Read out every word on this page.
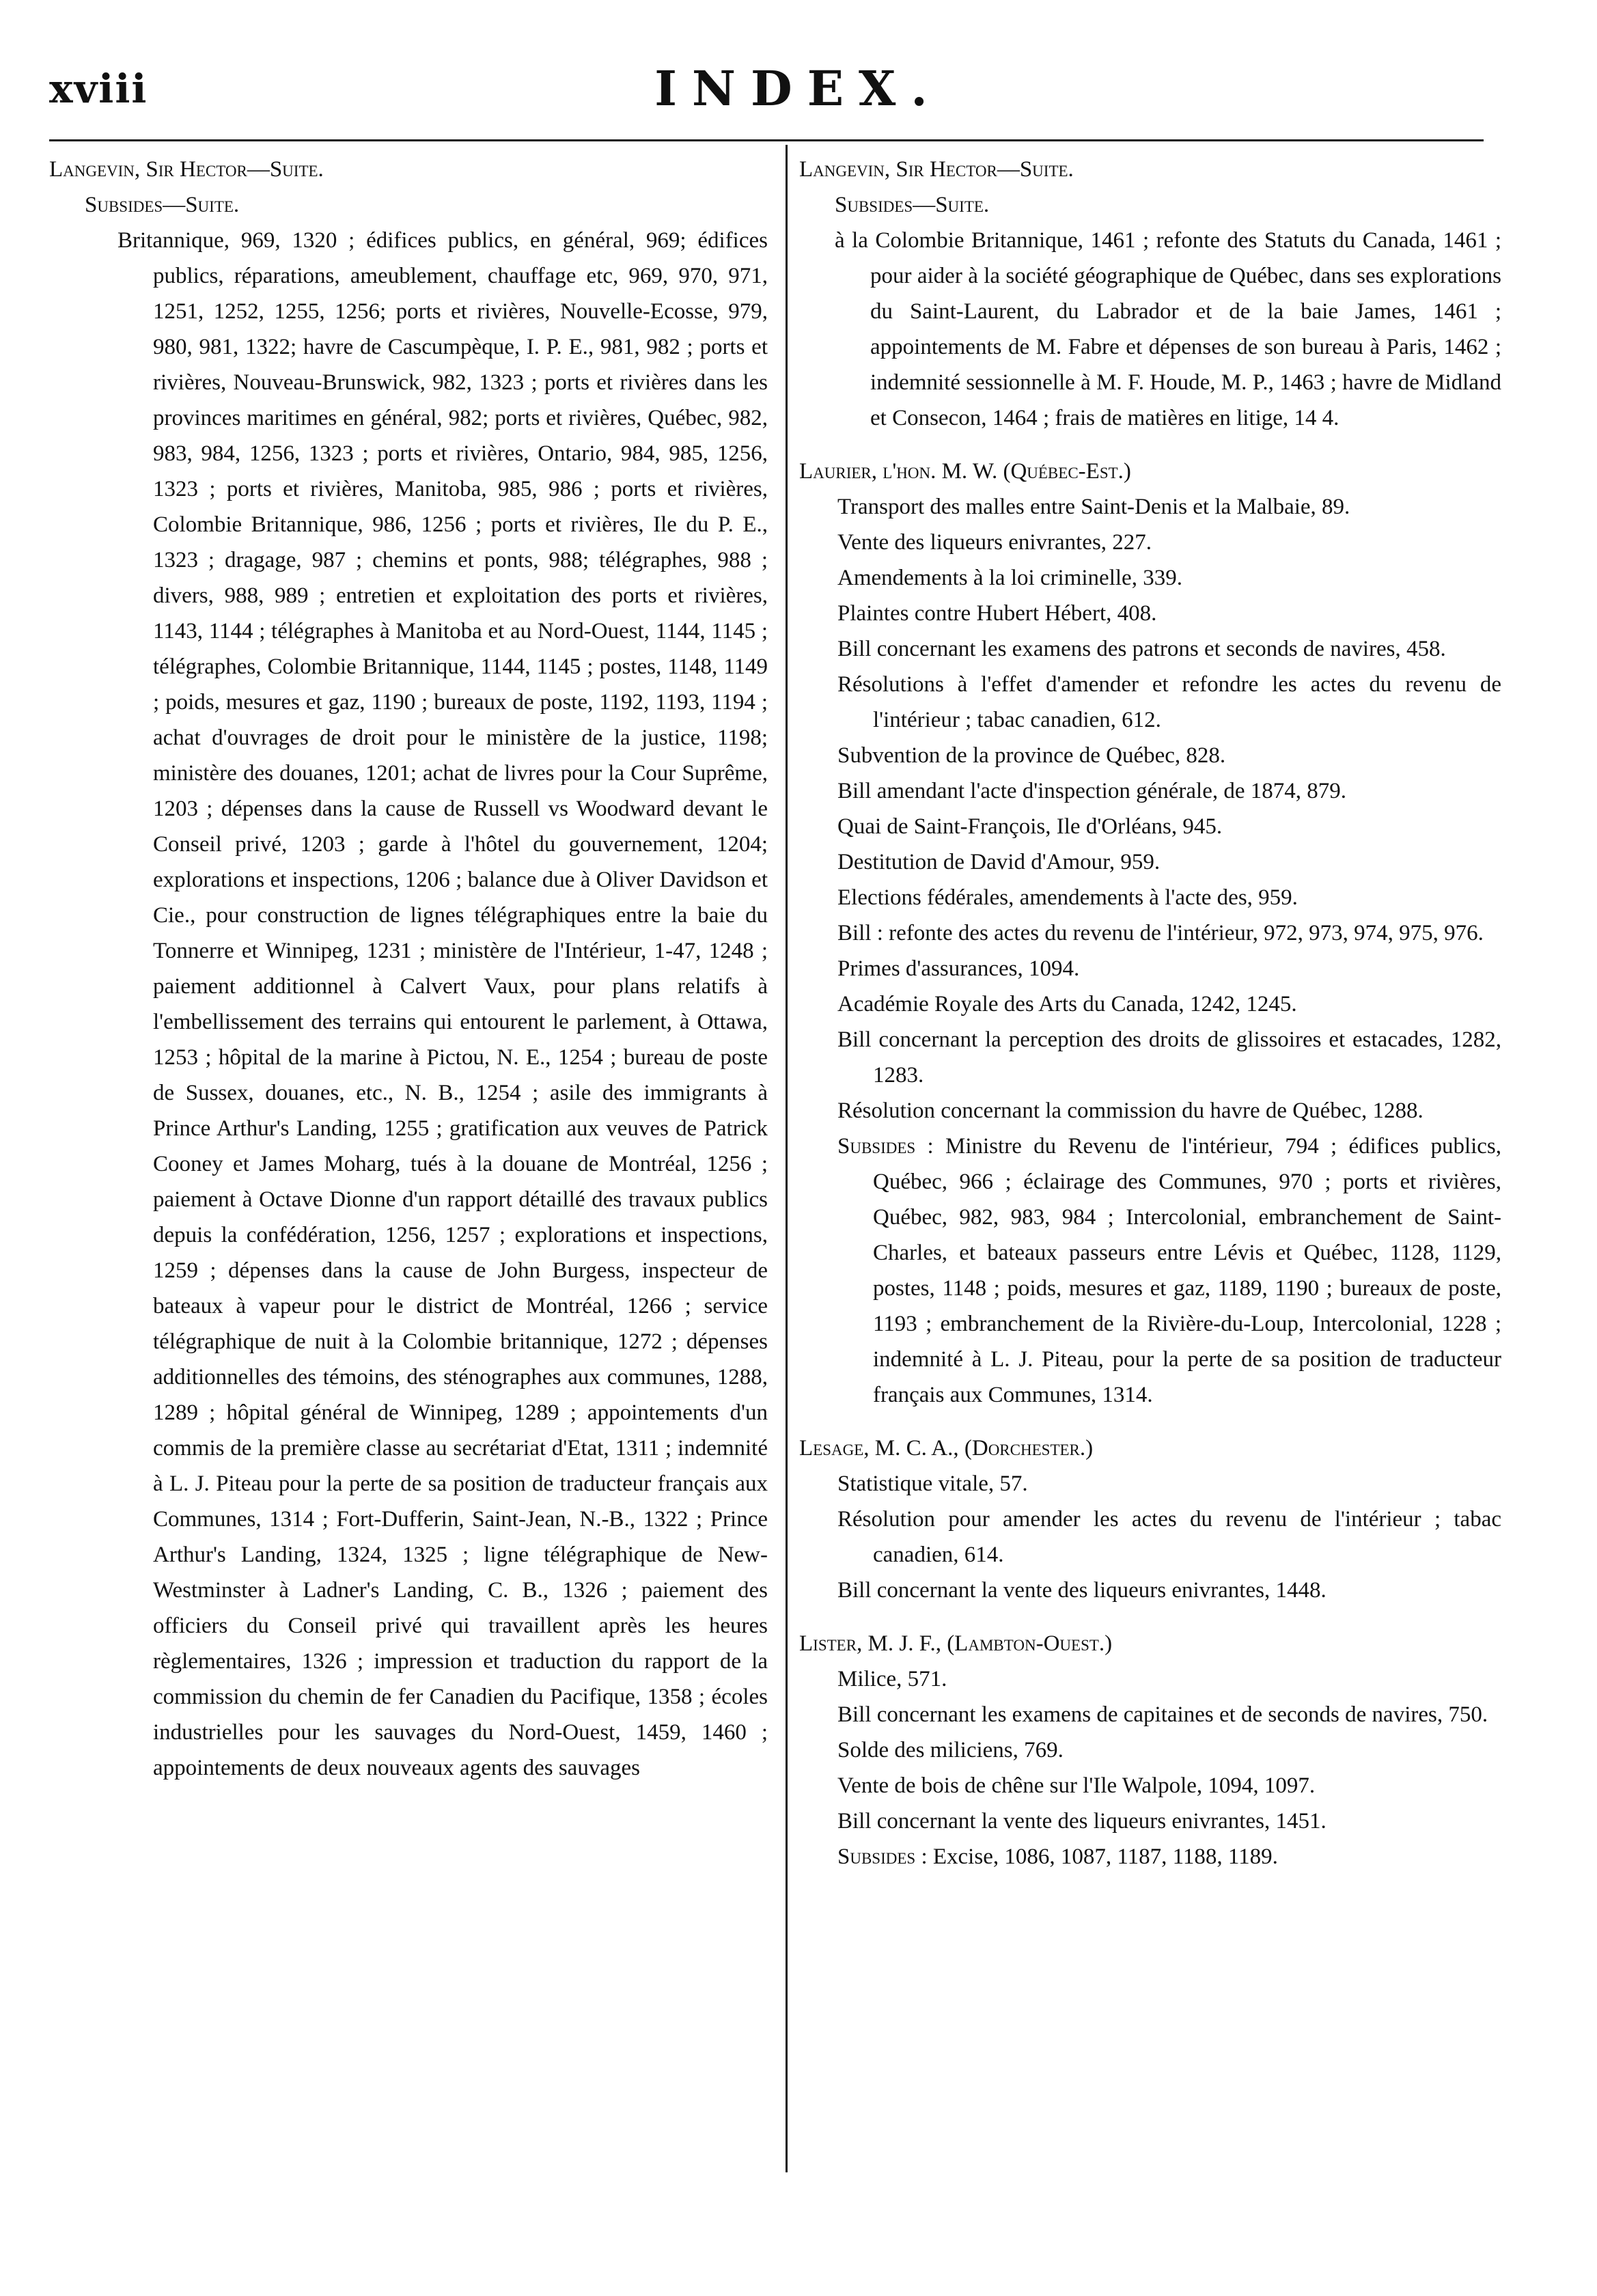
xviii	INDEX.
Langevin, Sir Hector—Suite.
Subsides—Suite.
Britannique, 969, 1320 ; édifices publics, en général, 969; édifices publics, réparations, ameublement, chauffage etc, 969, 970, 971, 1251, 1252, 1255, 1256; ports et rivières, Nouvelle-Ecosse, 979, 980, 981, 1322; havre de Cascumpèque, I. P. E., 981, 982 ; ports et rivières, Nouveau-Brunswick, 982, 1323 ; ports et rivières dans les provinces maritimes en général, 982; ports et rivières, Québec, 982, 983, 984, 1256, 1323 ; ports et rivières, Ontario, 984, 985, 1256, 1323 ; ports et rivières, Manitoba, 985, 986 ; ports et rivières, Colombie Britannique, 986, 1256 ; ports et rivières, Ile du P. E., 1323 ; dragage, 987 ; chemins et ponts, 988; télégraphes, 988 ; divers, 988, 989 ; entretien et exploitation des ports et rivières, 1143, 1144 ; télégraphes à Manitoba et au Nord-Ouest, 1144, 1145 ; télégraphes, Colombie Britannique, 1144, 1145 ; postes, 1148, 1149 ; poids, mesures et gaz, 1190 ; bureaux de poste, 1192, 1193, 1194 ; achat d'ouvrages de droit pour le ministère de la justice, 1198; ministère des douanes, 1201; achat de livres pour la Cour Suprême, 1203 ; dépenses dans la cause de Russell vs Woodward devant le Conseil privé, 1203 ; garde à l'hôtel du gouvernement, 1204; explorations et inspections, 1206 ; balance due à Oliver Davidson et Cie., pour construction de lignes télégraphiques entre la baie du Tonnerre et Winnipeg, 1231 ; ministère de l'Intérieur, 1-47, 1248 ; paiement additionnel à Calvert Vaux, pour plans relatifs à l'embellissement des terrains qui entourent le parlement, à Ottawa, 1253 ; hôpital de la marine à Pictou, N. E., 1254 ; bureau de poste de Sussex, douanes, etc., N. B., 1254 ; asile des immigrants à Prince Arthur's Landing, 1255 ; gratification aux veuves de Patrick Cooney et James Moharg, tués à la douane de Montréal, 1256 ; paiement à Octave Dionne d'un rapport détaillé des travaux publics depuis la confédération, 1256, 1257 ; explorations et inspections, 1259 ; dépenses dans la cause de John Burgess, inspecteur de bateaux à vapeur pour le district de Montréal, 1266 ; service télégraphique de nuit à la Colombie britannique, 1272 ; dépenses additionnelles des témoins, des sténographes aux communes, 1288, 1289 ; hôpital général de Winnipeg, 1289 ; appointements d'un commis de la première classe au secrétariat d'Etat, 1311 ; indemnité à L. J. Piteau pour la perte de sa position de traducteur français aux Communes, 1314 ; Fort-Dufferin, Saint-Jean, N.-B., 1322 ; Prince Arthur's Landing, 1324, 1325 ; ligne télégraphique de New-Westminster à Ladner's Landing, C. B., 1326 ; paiement des officiers du Conseil privé qui travaillent après les heures règlementaires, 1326 ; impression et traduction du rapport de la commission du chemin de fer Canadien du Pacifique, 1358 ; écoles industrielles pour les sauvages du Nord-Ouest, 1459, 1460 ; appointements de deux nouveaux agents des sauvages
Langevin, Sir Hector—Suite.
Subsides—Suite.
à la Colombie Britannique, 1461 ; refonte des Statuts du Canada, 1461 ; pour aider à la société géographique de Québec, dans ses explorations du Saint-Laurent, du Labrador et de la baie James, 1461 ; appointements de M. Fabre et dépenses de son bureau à Paris, 1462 ; indemnité sessionnelle à M. F. Houde, M. P., 1463 ; havre de Midland et Consecon, 1464 ; frais de matières en litige, 14 4.
Laurier, l'hon. M. W. (Québec-Est.)
Transport des malles entre Saint-Denis et la Malbaie, 89.
Vente des liqueurs enivrantes, 227.
Amendements à la loi criminelle, 339.
Plaintes contre Hubert Hébert, 408.
Bill concernant les examens des patrons et seconds de navires, 458.
Résolutions à l'effet d'amender et refondre les actes du revenu de l'intérieur ; tabac canadien, 612.
Subvention de la province de Québec, 828.
Bill amendant l'acte d'inspection générale, de 1874, 879.
Quai de Saint-François, Ile d'Orléans, 945.
Destitution de David d'Amour, 959.
Elections fédérales, amendements à l'acte des, 959.
Bill : refonte des actes du revenu de l'intérieur, 972, 973, 974, 975, 976.
Primes d'assurances, 1094.
Académie Royale des Arts du Canada, 1242, 1245.
Bill concernant la perception des droits de glissoires et estacades, 1282, 1283.
Résolution concernant la commission du havre de Québec, 1288.
Subsides : Ministre du Revenu de l'intérieur, 794 ; édifices publics, Québec, 966 ; éclairage des Communes, 970 ; ports et rivières, Québec, 982, 983, 984 ; Intercolonial, embranchement de Saint-Charles, et bateaux passeurs entre Lévis et Québec, 1128, 1129, postes, 1148 ; poids, mesures et gaz, 1189, 1190 ; bureaux de poste, 1193 ; embranchement de la Rivière-du-Loup, Intercolonial, 1228 ; indemnité à L. J. Piteau, pour la perte de sa position de traducteur français aux Communes, 1314.
Lesage, M. C. A., (Dorchester.)
Statistique vitale, 57.
Résolution pour amender les actes du revenu de l'intérieur ; tabac canadien, 614.
Bill concernant la vente des liqueurs enivrantes, 1448.
Lister, M. J. F., (Lambton-Ouest.)
Milice, 571.
Bill concernant les examens de capitaines et de seconds de navires, 750.
Solde des miliciens, 769.
Vente de bois de chêne sur l'Ile Walpole, 1094, 1097.
Bill concernant la vente des liqueurs enivrantes, 1451.
Subsides : Excise, 1086, 1087, 1187, 1188, 1189.
